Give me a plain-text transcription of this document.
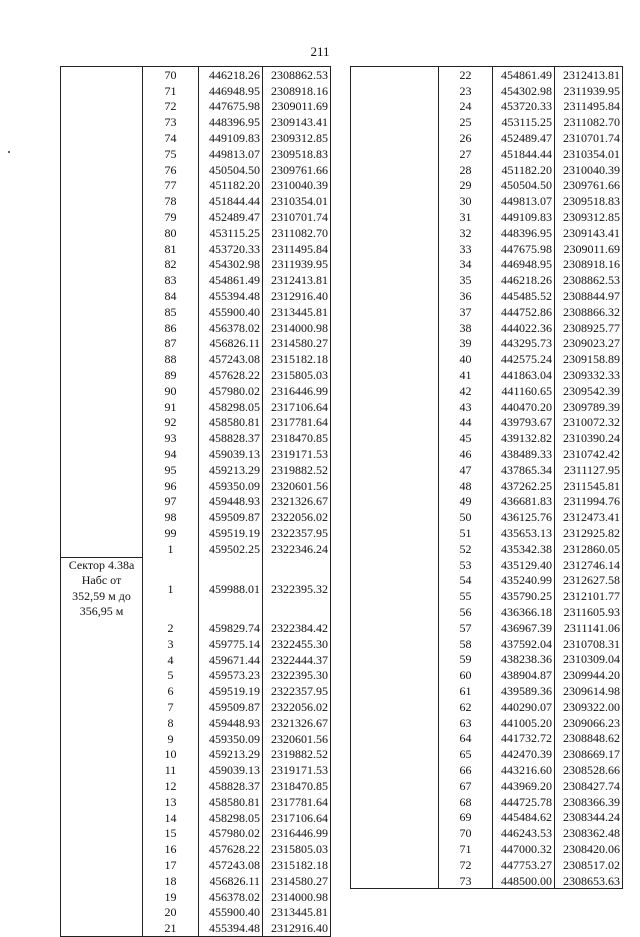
211
	70	446218.26	2308862.53
	71	446948.95	2308918.16
	72	447675.98	2309011.69
	73	448396.95	2309143.41
	74	449109.83	2309312.85
	75	449813.07	2309518.83
	76	450504.50	2309761.66
	77	451182.20	2310040.39
	78	451844.44	2310354.01
	79	452489.47	2310701.74
	80	453115.25	2311082.70
	81	453720.33	2311495.84
	82	454302.98	2311939.95
	83	454861.49	2312413.81
	84	455394.48	2312916.40
	85	455900.40	2313445.81
	86	456378.02	2314000.98
	87	456826.11	2314580.27
	88	457243.08	2315182.18
	89	457628.22	2315805.03
	90	457980.02	2316446.99
	91	458298.05	2317106.64
	92	458580.81	2317781.64
	93	458828.37	2318470.85
	94	459039.13	2319171.53
	95	459213.29	2319882.52
	96	459350.09	2320601.56
	97	459448.93	2321326.67
	98	459509.87	2322056.02
	99	459519.19	2322357.95
	1	459502.25	2322346.24

Сектор 4.38а
Набс от
352,59 м до
356,95 м	1	459988.01	2322395.32
	2	459829.74	2322384.42
	3	459775.14	2322455.30
	4	459671.44	2322444.37
	5	459573.23	2322395.30
	6	459519.19	2322357.95
	7	459509.87	2322056.02
	8	459448.93	2321326.67
	9	459350.09	2320601.56
	10	459213.29	2319882.52
	11	459039.13	2319171.53
	12	458828.37	2318470.85
	13	458580.81	2317781.64
	14	458298.05	2317106.64
	15	457980.02	2316446.99
	16	457628.22	2315805.03
	17	457243.08	2315182.18
	18	456826.11	2314580.27
	19	456378.02	2314000.98
	20	455900.40	2313445.81
	21	455394.48	2312916.40
	22	454861.49	2312413.81
	23	454302.98	2311939.95
	24	453720.33	2311495.84
	25	453115.25	2311082.70
	26	452489.47	2310701.74
	27	451844.44	2310354.01
	28	451182.20	2310040.39
	29	450504.50	2309761.66
	30	449813.07	2309518.83
	31	449109.83	2309312.85
	32	448396.95	2309143.41
	33	447675.98	2309011.69
	34	446948.95	2308918.16
	35	446218.26	2308862.53
	36	445485.52	2308844.97
	37	444752.86	2308866.32
	38	444022.36	2308925.77
	39	443295.73	2309023.27
	40	442575.24	2309158.89
	41	441863.04	2309332.33
	42	441160.65	2309542.39
	43	440470.20	2309789.39
	44	439793.67	2310072.32
	45	439132.82	2310390.24
	46	438489.33	2310742.42
	47	437865.34	2311127.95
	48	437262.25	2311545.81
	49	436681.83	2311994.76
	50	436125.76	2312473.41
	51	435653.13	2312925.82
	52	435342.38	2312860.05
	53	435129.40	2312746.14
	54	435240.99	2312627.58
	55	435790.25	2312101.77
	56	436366.18	2311605.93
	57	436967.39	2311141.06
	58	437592.04	2310708.31
	59	438238.36	2310309.04
	60	438904.87	2309944.20
	61	439589.36	2309614.98
	62	440290.07	2309322.00
	63	441005.20	2309066.23
	64	441732.72	2308848.62
	65	442470.39	2308669.17
	66	443216.60	2308528.66
	67	443969.20	2308427.74
	68	444725.78	2308366.39
	69	445484.62	2308344.24
	70	446243.53	2308362.48
	71	447000.32	2308420.06
	72	447753.27	2308517.02
	73	448500.00	2308653.63
